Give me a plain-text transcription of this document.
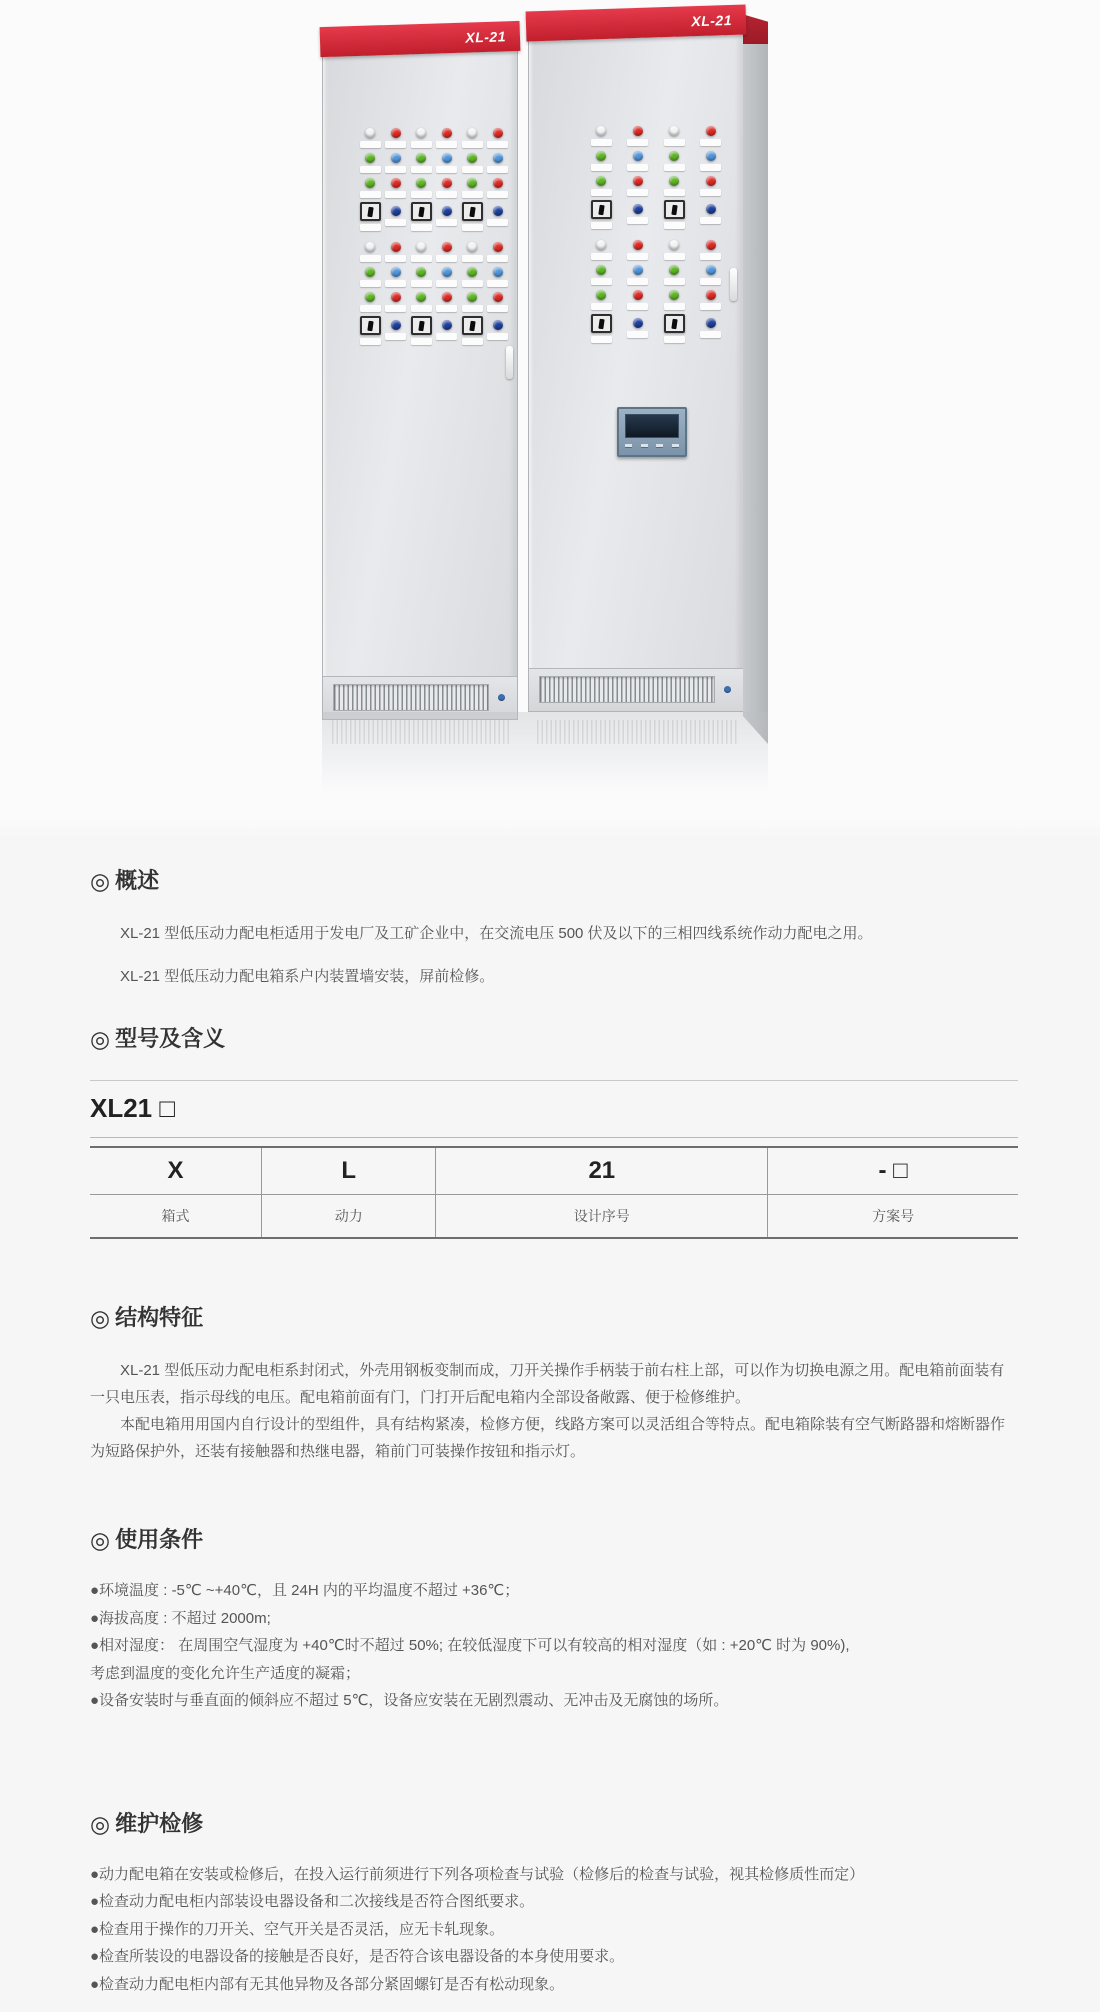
XL-21
XL-21
◎ 概述

XL-21 型低压动力配电柜适用于发电厂及工矿企业中，在交流电压 500 伏及以下的三相四线系统作动力配电之用。

XL-21 型低压动力配电箱系户内装置墙安装，屏前检修。

◎ 型号及含义
XL21 □
X	L	21	- □
箱式	动力	设计序号	方案号
◎ 结构特征

XL-21 型低压动力配电柜系封闭式，外壳用钢板变制而成，刀开关操作手柄装于前右柱上部，可以作为切换电源之用。配电箱前面装有一只电压表，指示母线的电压。配电箱前面有门，门打开后配电箱内全部设备敞露、便于检修维护。

本配电箱用用国内自行设计的型组件，具有结构紧凑，检修方便，线路方案可以灵活组合等特点。配电箱除装有空气断路器和熔断器作为短路保护外，还装有接触器和热继电器，箱前门可装操作按钮和指示灯。

◎ 使用条件
●环境温度 : -5℃ ~+40℃，且 24H 内的平均温度不超过 +36℃；
●海拔高度 : 不超过 2000m;
●相对湿度： 在周围空气湿度为 +40℃时不超过 50%; 在较低湿度下可以有较高的相对湿度（如 : +20℃ 时为 90%),
考虑到温度的变化允许生产适度的凝霜；
●设备安装时与垂直面的倾斜应不超过 5℃，设备应安装在无剧烈震动、无冲击及无腐蚀的场所。
◎ 维护检修
●动力配电箱在安装或检修后，在投入运行前须进行下列各项检查与试验（检修后的检查与试验，视其检修质性而定）
●检查动力配电柜内部装设电器设备和二次接线是否符合图纸要求。
●检查用于操作的刀开关、空气开关是否灵活，应无卡轧现象。
●检查所装设的电器设备的接触是否良好，是否符合该电器设备的本身使用要求。
●检查动力配电柜内部有无其他异物及各部分紧固螺钉是否有松动现象。
